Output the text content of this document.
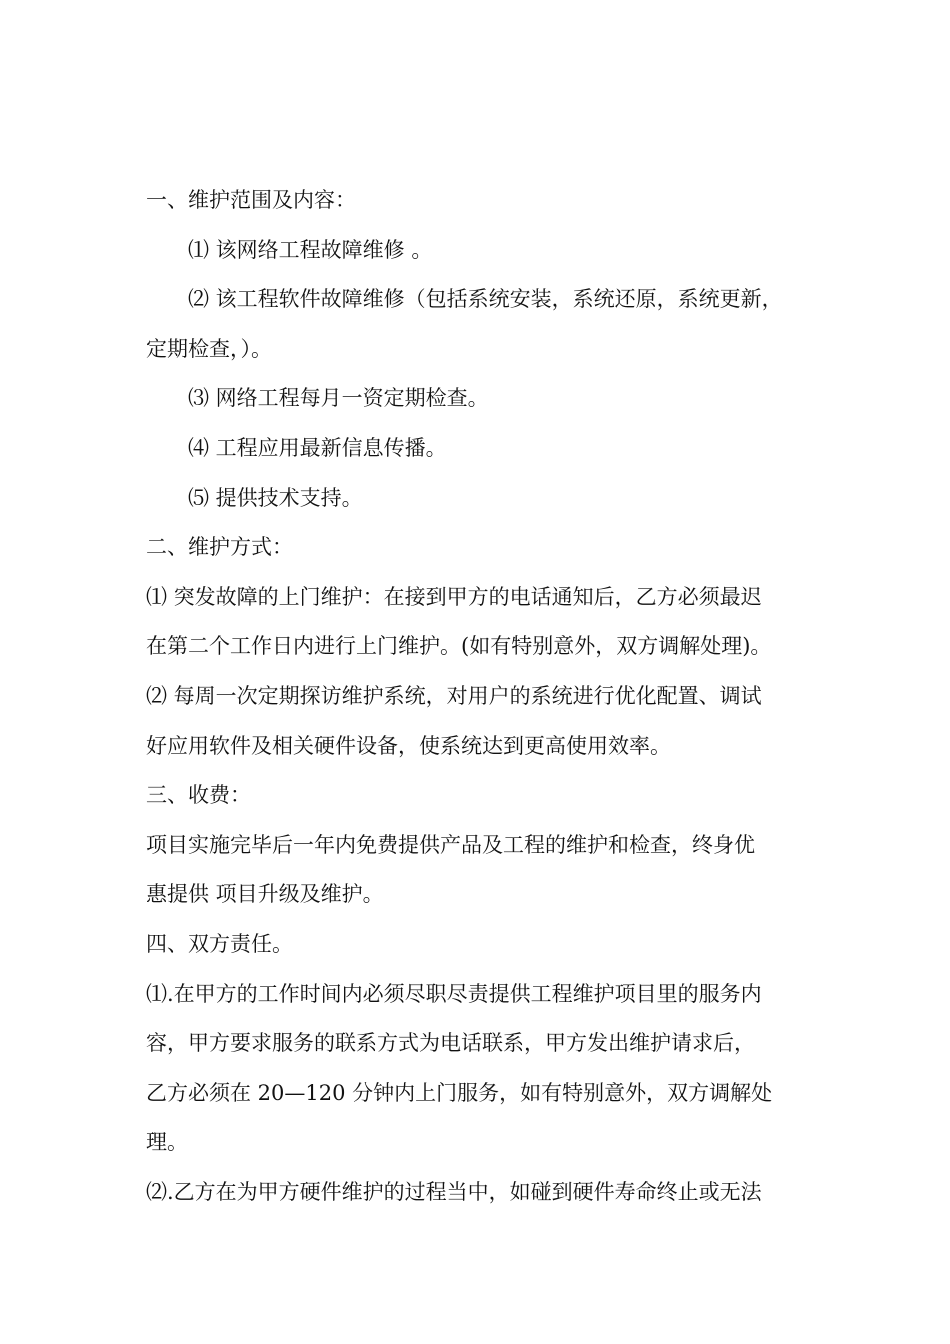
一、维护范围及内容：

⑴ 该网络工程故障维修 。

⑵ 该工程软件故障维修（包括系统安装，系统还原，系统更新，

定期检查，）。

⑶ 网络工程每月一资定期检查。

⑷ 工程应用最新信息传播。

⑸ 提供技术支持。

二、维护方式：

⑴ 突发故障的上门维护：在接到甲方的电话通知后，乙方必须最迟

在第二个工作日内进行上门维护。(如有特别意外，双方调解处理)。

⑵ 每周一次定期探访维护系统，对用户的系统进行优化配置、调试

好应用软件及相关硬件设备，使系统达到更高使用效率。

三、收费：

项目实施完毕后一年内免费提供产品及工程的维护和检查，终身优

惠提供 项目升级及维护。

四、双方责任。

⑴.在甲方的工作时间内必须尽职尽责提供工程维护项目里的服务内

容，甲方要求服务的联系方式为电话联系，甲方发出维护请求后，

乙方必须在 20—120 分钟内上门服务，如有特别意外，双方调解处

理。

⑵.乙方在为甲方硬件维护的过程当中，如碰到硬件寿命终止或无法
